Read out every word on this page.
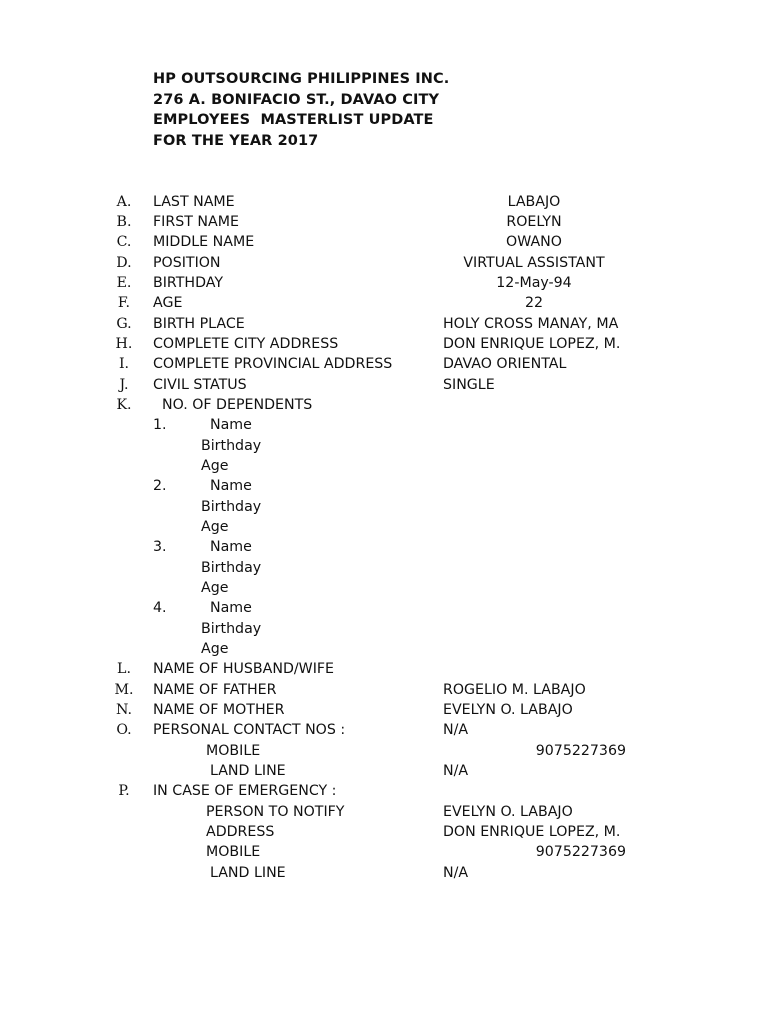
HP OUTSOURCING PHILIPPINES INC.
276 A. BONIFACIO ST., DAVAO CITY
EMPLOYEES  MASTERLIST UPDATE
FOR THE YEAR 2017
A. LAST NAME	LABAJO
B. FIRST NAME	ROELYN
C. MIDDLE NAME	OWANO
D. POSITION	VIRTUAL ASSISTANT
E. BIRTHDAY	12-May-94
F. AGE	22
G. BIRTH PLACE	HOLY CROSS MANAY, MA
H. COMPLETE CITY ADDRESS	DON ENRIQUE LOPEZ, M.
I.	COMPLETE PROVINCIAL ADDRESS	DAVAO ORIENTAL
J.	CIVIL STATUS	SINGLE
K. NO. OF DEPENDENTS
1.	Name
Birthday
Age
2.	Name
Birthday
Age
3.	Name
Birthday
Age
4.	Name
Birthday
Age
L. NAME OF HUSBAND/WIFE
M. NAME OF FATHER	ROGELIO M. LABAJO
N. NAME OF MOTHER	EVELYN O. LABAJO
O. PERSONAL CONTACT NOS :	N/A
MOBILE	9075227369
LAND LINE	N/A
P.	IN CASE OF EMERGENCY :
PERSON TO NOTIFY	EVELYN O. LABAJO
ADDRESS	DON ENRIQUE LOPEZ, M.
MOBILE	9075227369
LAND LINE	N/A
